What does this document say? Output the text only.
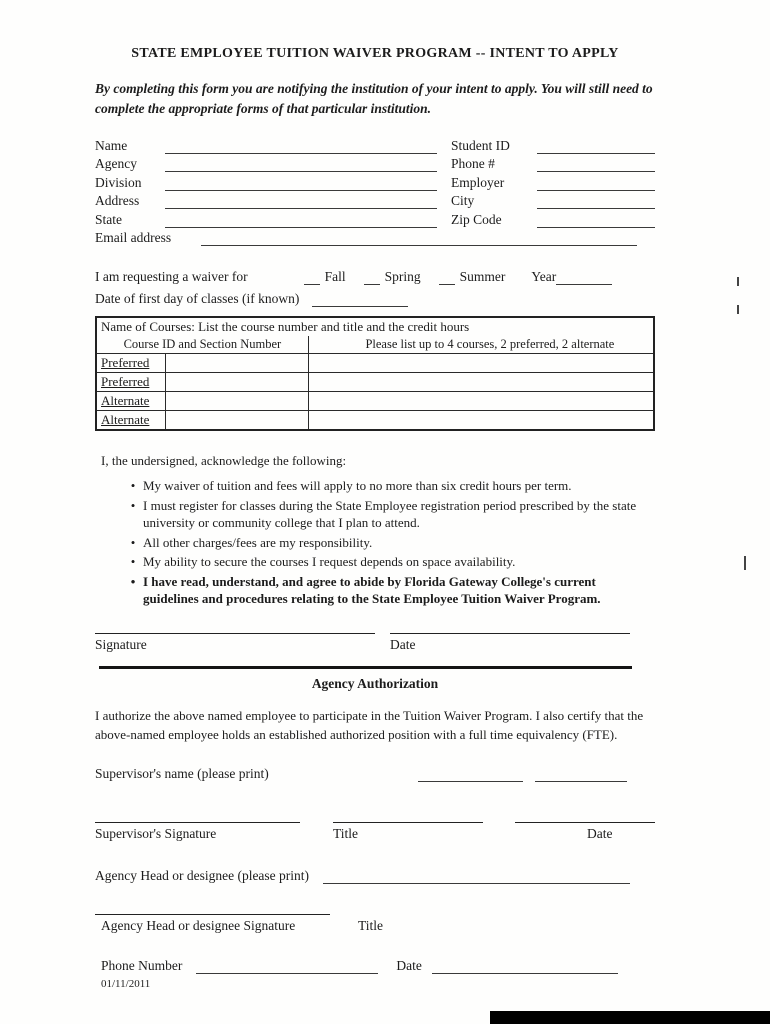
STATE EMPLOYEE TUITION WAIVER PROGRAM -- INTENT TO APPLY
By completing this form you are notifying the institution of your intent to apply. You will still need to complete the appropriate forms of that particular institution.
Name	Student ID
Agency	Phone #
Division	Employer
Address	City
State	Zip Code
Email address
I am requesting a waiver for	Fall	Spring	Summer Year
Date of first day of classes (if known)
Name of Courses: List the course number and title and the credit hours		
Course ID and Section Number		Please list up to 4 courses, 2 preferred, 2 alternate
Preferred		
Preferred		
Alternate		
Alternate		
I, the undersigned, acknowledge the following:
• My waiver of tuition and fees will apply to no more than six credit hours per term.
• I must register for classes during the State Employee registration period prescribed by the state university or community college that I plan to attend.
• All other charges/fees are my responsibility.
• My ability to secure the courses I request depends on space availability.
• I have read, understand, and agree to abide by Florida Gateway College's current guidelines and procedures relating to the State Employee Tuition Waiver Program.
Signature	Date
Agency Authorization
I authorize the above named employee to participate in the Tuition Waiver Program. I also certify that the above-named employee holds an established authorized position with a full time equivalency (FTE).
Supervisor's name (please print)
Supervisor's Signature	Title	Date
Agency Head or designee (please print)
Agency Head or designee Signature	Title
Phone Number	Date
01/11/2011
